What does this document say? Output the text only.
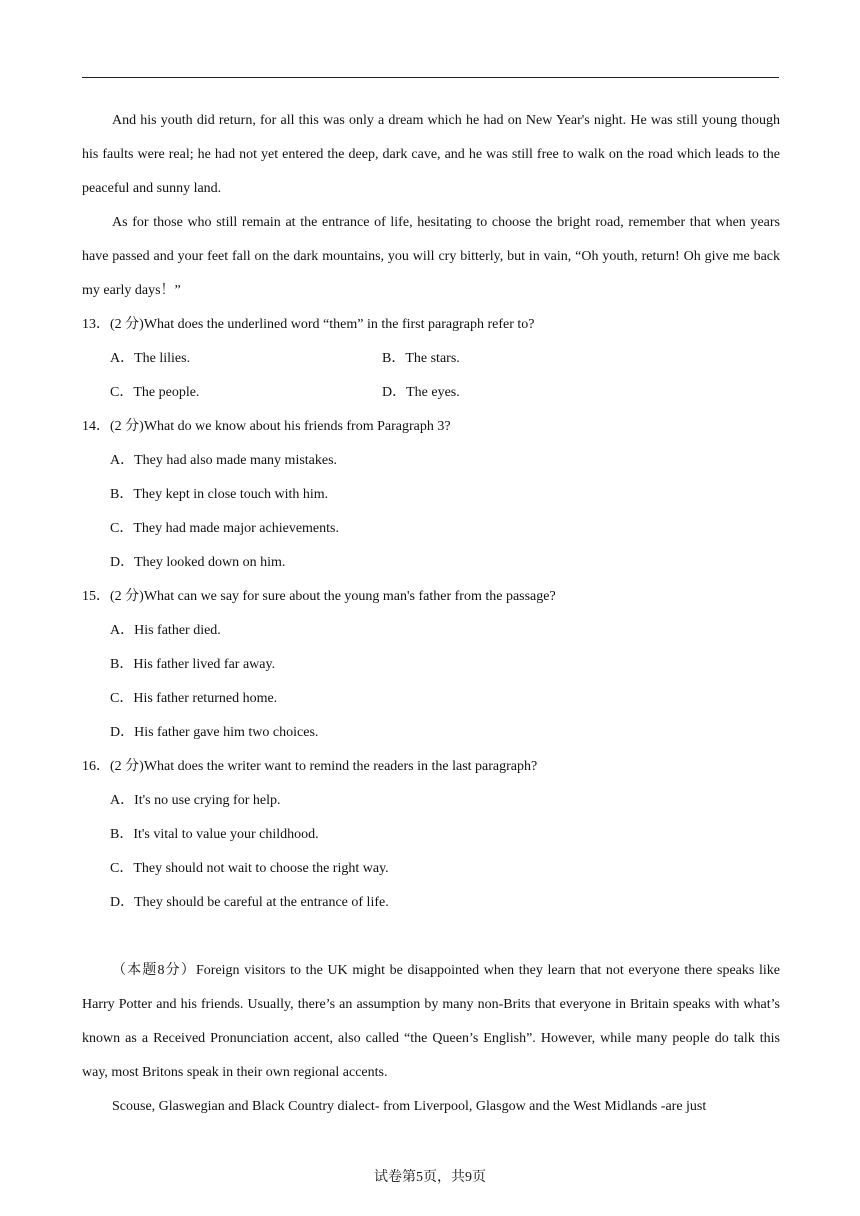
And his youth did return, for all this was only a dream which he had on New Year's night. He was still young though his faults were real; he had not yet entered the deep, dark cave, and he was still free to walk on the road which leads to the peaceful and sunny land.

As for those who still remain at the entrance of life, hesitating to choose the bright road, remember that when years have passed and your feet fall on the dark mountains, you will cry bitterly, but in vain, “Oh youth, return! Oh give me back my early days！”

13．(2 分)What does the underlined word “them” in the first paragraph refer to?
A．The lilies.	B．The stars.
C．The people.	D．The eyes.
14．(2 分)What do we know about his friends from Paragraph 3?
A．They had also made many mistakes.
B．They kept in close touch with him.
C．They had made major achievements.
D．They looked down on him.
15．(2 分)What can we say for sure about the young man's father from the passage?
A．His father died.
B．His father lived far away.
C．His father returned home.
D．His father gave him two choices.
16．(2 分)What does the writer want to remind the readers in the last paragraph?
A．It's no use crying for help.
B．It's vital to value your childhood.
C．They should not wait to choose the right way.
D．They should be careful at the entrance of life.

（本题8分）Foreign visitors to the UK might be disappointed when they learn that not everyone there speaks like Harry Potter and his friends. Usually, there’s an assumption by many non-Brits that everyone in Britain speaks with what’s known as a Received Pronunciation accent, also called “the Queen’s English”. However, while many people do talk this way, most Britons speak in their own regional accents.

Scouse, Glaswegian and Black Country dialect- from Liverpool, Glasgow and the West Midlands -are just

试卷第5页，共9页
